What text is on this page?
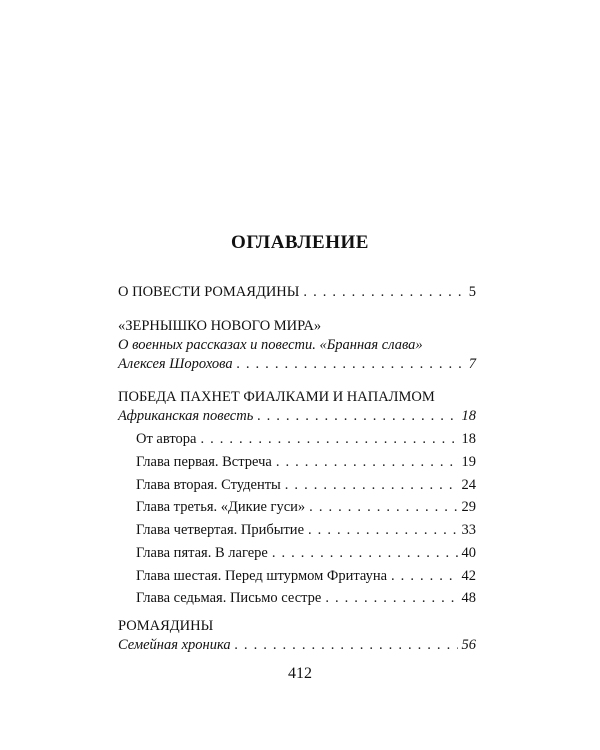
ОГЛАВЛЕНИЕ
О ПОВЕСТИ РОМАЯДИНЫ . . .	5
«ЗЕРНЫШКО НОВОГО МИРА»
О военных рассказах и повести. «Бранная слава»
Алексея Шорохова . . .	7
ПОБЕДА ПАХНЕТ ФИАЛКАМИ И НАПАЛМОМ
Африканская повесть . . .	18
От автора . . .	18
Глава первая. Встреча . . .	19
Глава вторая. Студенты . . .	24
Глава третья. «Дикие гуси» . . .	29
Глава четвертая. Прибытие . . .	33
Глава пятая. В лагере . . .	40
Глава шестая. Перед штурмом Фритауна . . .	42
Глава седьмая. Письмо сестре . . .	48
РОМАЯДИНЫ
Семейная хроника . . .	56
412
